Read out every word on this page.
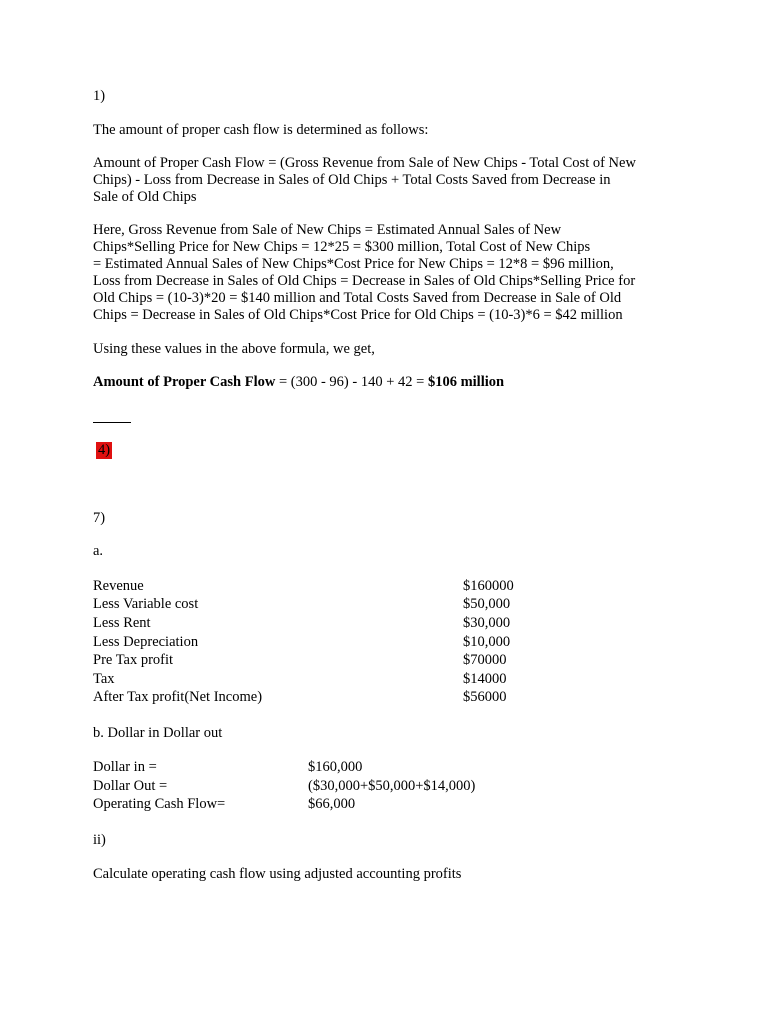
1)
The amount of proper cash flow is determined as follows:
Amount of Proper Cash Flow = (Gross Revenue from Sale of New Chips - Total Cost of New
Chips) - Loss from Decrease in Sales of Old Chips + Total Costs Saved from Decrease in
Sale of Old Chips
Here, Gross Revenue from Sale of New Chips = Estimated Annual Sales of New
Chips*Selling Price for New Chips = 12*25 = $300 million, Total Cost of New Chips
= Estimated Annual Sales of New Chips*Cost Price for New Chips = 12*8 = $96 million,
Loss from Decrease in Sales of Old Chips = Decrease in Sales of Old Chips*Selling Price for
Old Chips = (10-3)*20 = $140 million and Total Costs Saved from Decrease in Sale of Old
Chips = Decrease in Sales of Old Chips*Cost Price for Old Chips = (10-3)*6 = $42 million
Using these values in the above formula, we get,
Amount of Proper Cash Flow = (300 - 96) - 140 + 42 = $106 million
4)
7)
a.
Revenue	$160000
Less Variable cost	$50,000
Less Rent	$30,000
Less Depreciation	$10,000
Pre Tax profit	$70000
Tax	$14000
After Tax profit(Net Income)	$56000
b. Dollar in Dollar out
Dollar in =	$160,000
Dollar Out =	($30,000+$50,000+$14,000)
Operating Cash Flow=	$66,000
ii)
Calculate operating cash flow using adjusted accounting profits
